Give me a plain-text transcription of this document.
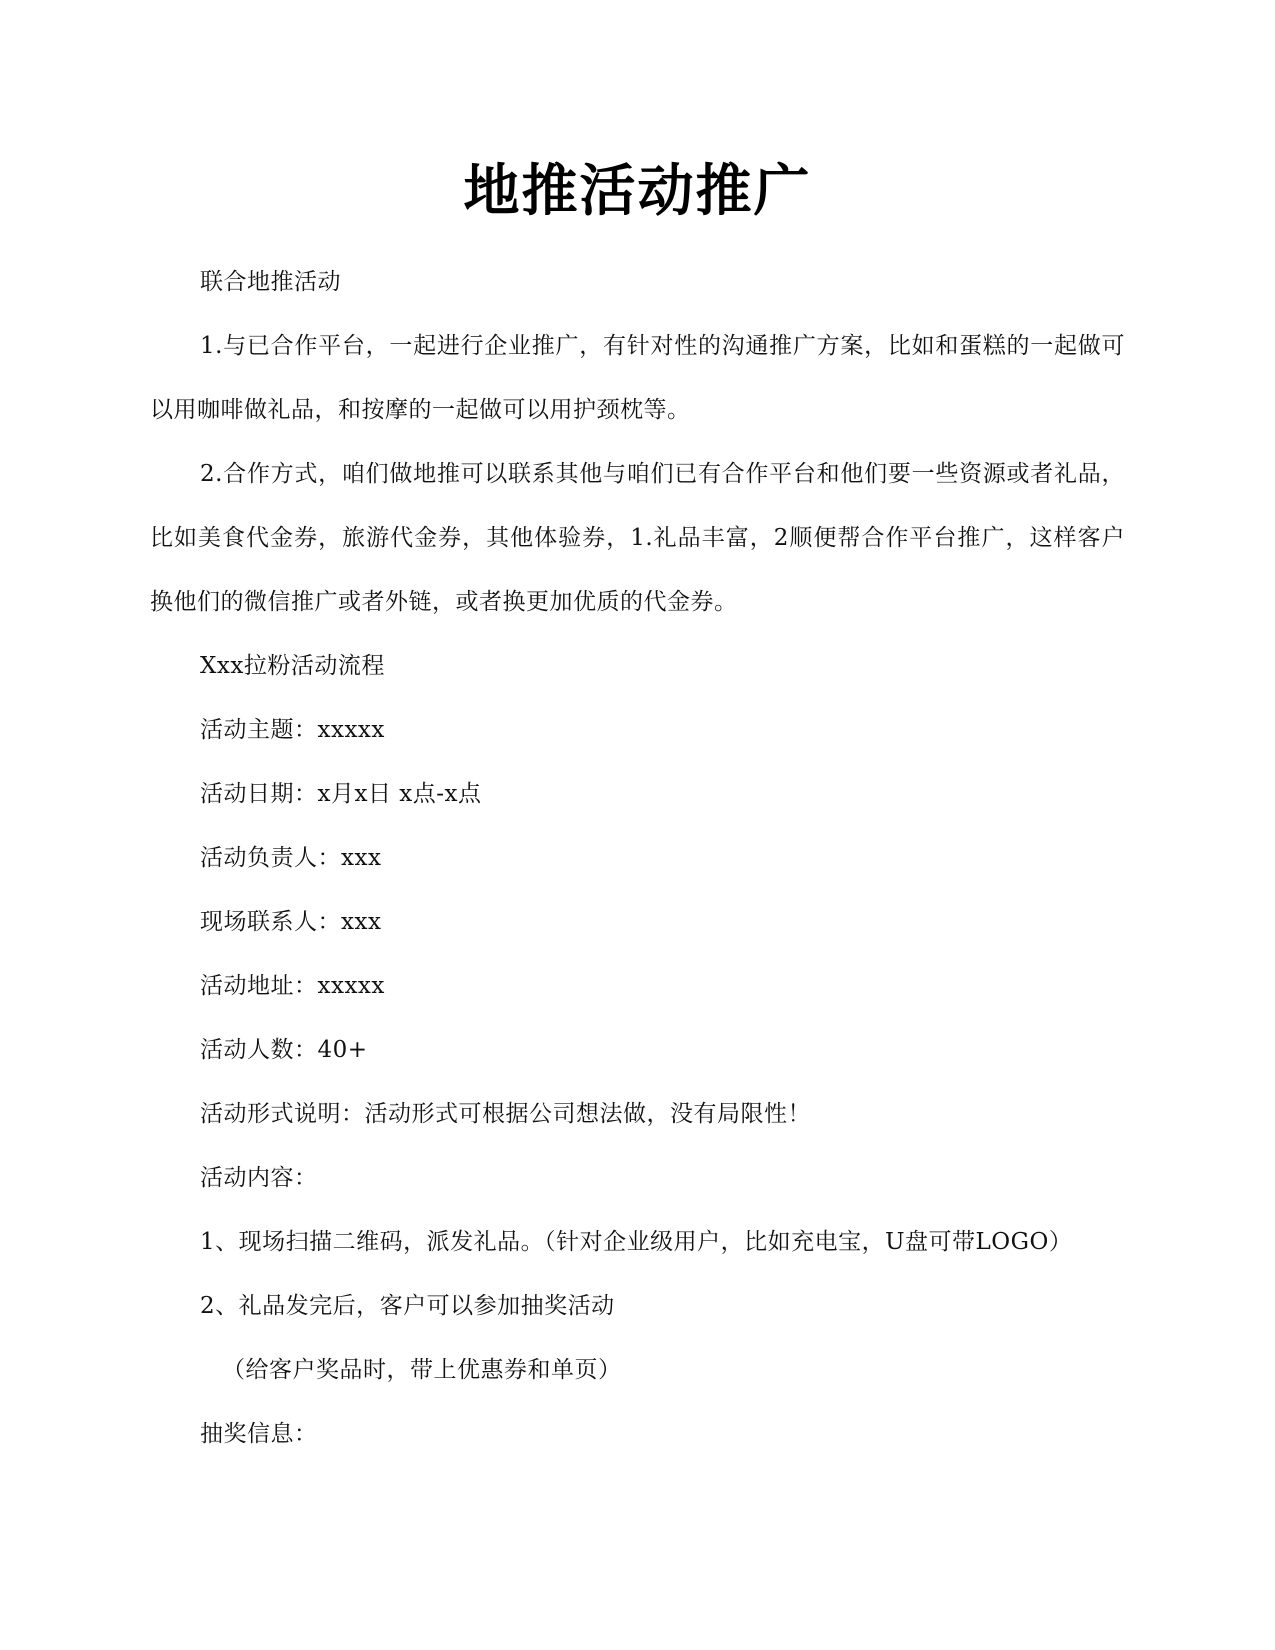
地推活动推广

联合地推活动

1.与已合作平台，一起进行企业推广，有针对性的沟通推广方案，比如和蛋糕的一起做可以用咖啡做礼品，和按摩的一起做可以用护颈枕等。

2.合作方式，咱们做地推可以联系其他与咱们已有合作平台和他们要一些资源或者礼品，比如美食代金券，旅游代金券，其他体验券，1.礼品丰富，2顺便帮合作平台推广，这样客户换他们的微信推广或者外链，或者换更加优质的代金券。

Xxx拉粉活动流程

活动主题：xxxxx

活动日期：x月x日 x点-x点

活动负责人：xxx

现场联系人：xxx

活动地址：xxxxx

活动人数：40+

活动形式说明：活动形式可根据公司想法做，没有局限性！

活动内容：

1、现场扫描二维码，派发礼品。（针对企业级用户，比如充电宝，U盘可带LOGO）

2、礼品发完后，客户可以参加抽奖活动

（给客户奖品时，带上优惠券和单页）

抽奖信息：
